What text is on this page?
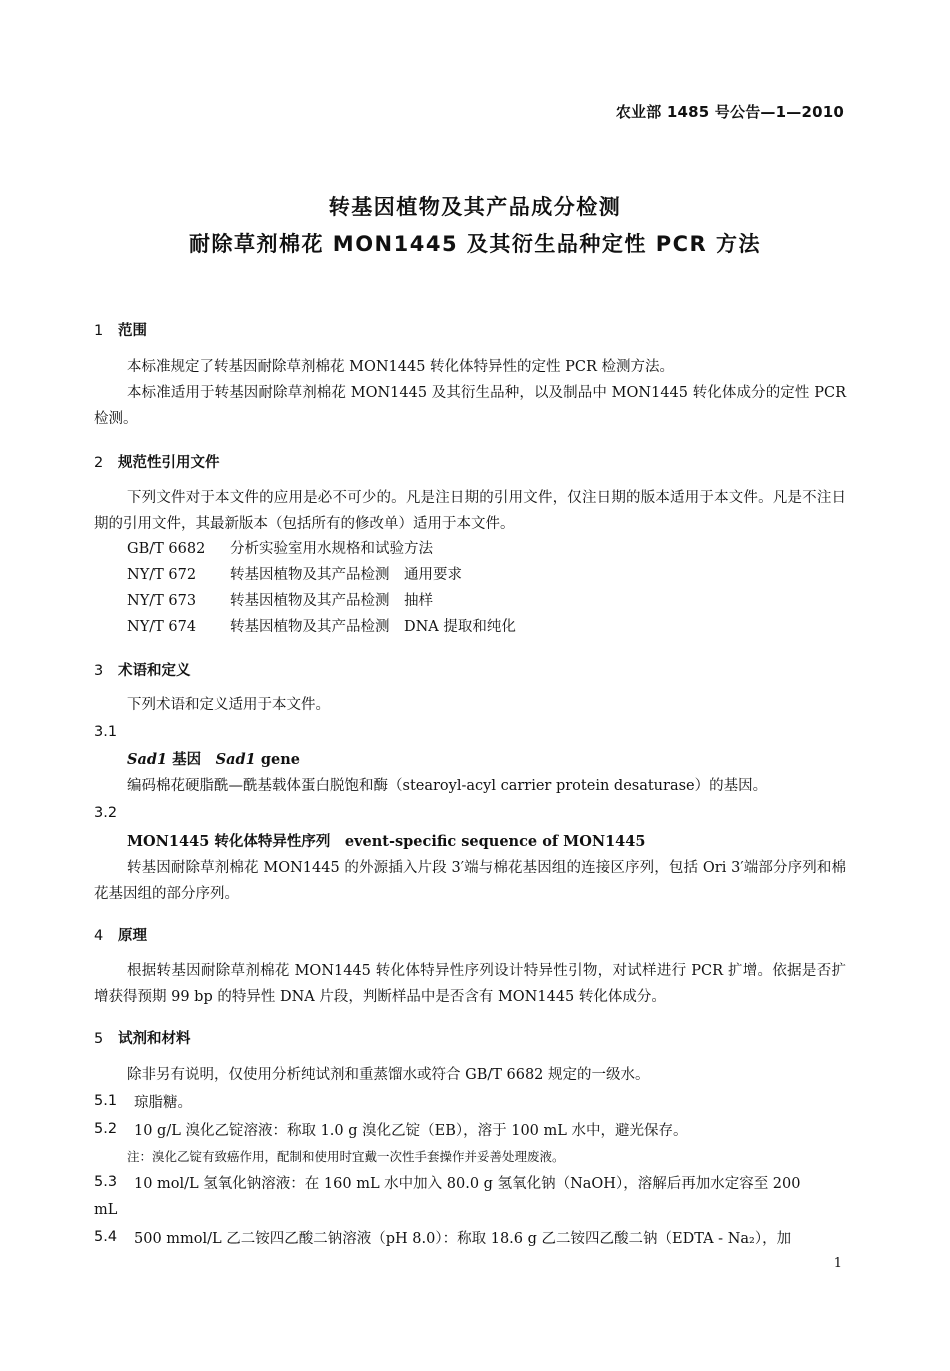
农业部 1485 号公告—1—2010
转基因植物及其产品成分检测
耐除草剂棉花 MON1445 及其衍生品种定性 PCR 方法
1 范围
本标准规定了转基因耐除草剂棉花 MON1445 转化体特异性的定性 PCR 检测方法。
本标准适用于转基因耐除草剂棉花 MON1445 及其衍生品种，以及制品中 MON1445 转化体成分的定性 PCR 检测。
2 规范性引用文件
下列文件对于本文件的应用是必不可少的。凡是注日期的引用文件，仅注日期的版本适用于本文件。凡是不注日期的引用文件，其最新版本（包括所有的修改单）适用于本文件。
GB/T 6682 分析实验室用水规格和试验方法
NY/T 672 转基因植物及其产品检测　通用要求
NY/T 673 转基因植物及其产品检测　抽样
NY/T 674 转基因植物及其产品检测　DNA 提取和纯化
3 术语和定义
下列术语和定义适用于本文件。
3.1
Sad1 基因　Sad1 gene
编码棉花硬脂酰—酰基载体蛋白脱饱和酶（stearoyl-acyl carrier protein desaturase）的基因。
3.2
MON1445 转化体特异性序列　event-specific sequence of MON1445
转基因耐除草剂棉花 MON1445 的外源插入片段 3′端与棉花基因组的连接区序列，包括 Ori 3′端部分序列和棉花基因组的部分序列。
4 原理
根据转基因耐除草剂棉花 MON1445 转化体特异性序列设计特异性引物，对试样进行 PCR 扩增。依据是否扩增获得预期 99 bp 的特异性 DNA 片段，判断样品中是否含有 MON1445 转化体成分。
5 试剂和材料
除非另有说明，仅使用分析纯试剂和重蒸馏水或符合 GB/T 6682 规定的一级水。
5.1 琼脂糖。
5.2 10 g/L 溴化乙锭溶液：称取 1.0 g 溴化乙锭（EB），溶于 100 mL 水中，避光保存。
注：溴化乙锭有致癌作用，配制和使用时宜戴一次性手套操作并妥善处理废液。
5.3 10 mol/L 氢氧化钠溶液：在 160 mL 水中加入 80.0 g 氢氧化钠（NaOH），溶解后再加水定容至 200
mL
5.4 500 mmol/L 乙二铵四乙酸二钠溶液（pH 8.0）：称取 18.6 g 乙二铵四乙酸二钠（EDTA - Na₂），加
1
